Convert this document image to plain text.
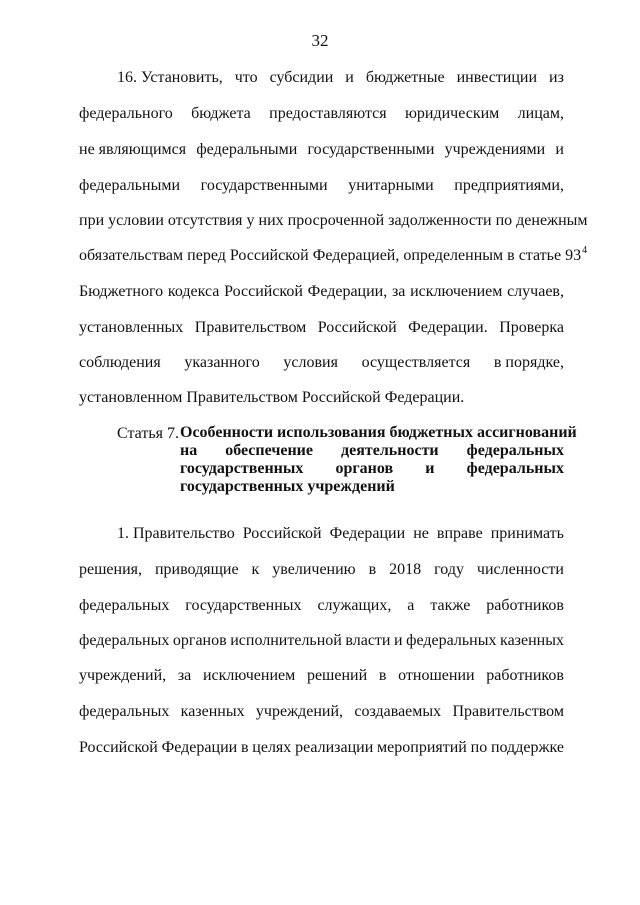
32
16. Установить, что субсидии и бюджетные инвестиции из
федерального бюджета предоставляются юридическим лицам,
не являющимся федеральными государственными учреждениями и
федеральными государственными унитарными предприятиями,
при условии отсутствия у них просроченной задолженности по денежным
обязательствам перед Российской Федерацией, определенным в статье $93^4$
Бюджетного кодекса Российской Федерации, за исключением случаев,
установленных Правительством Российской Федерации. Проверка
соблюдения указанного условия осуществляется в порядке,
установленном Правительством Российской Федерации.
Статья 7. Особенности использования бюджетных ассигнований
на обеспечение деятельности федеральных
государственных органов и федеральных
государственных учреждений
1. Правительство Российской Федерации не вправе принимать
решения, приводящие к увеличению в 2018 году численности
федеральных государственных служащих, а также работников
федеральных органов исполнительной власти и федеральных казенных
учреждений, за исключением решений в отношении работников
федеральных казенных учреждений, создаваемых Правительством
Российской Федерации в целях реализации мероприятий по поддержке
